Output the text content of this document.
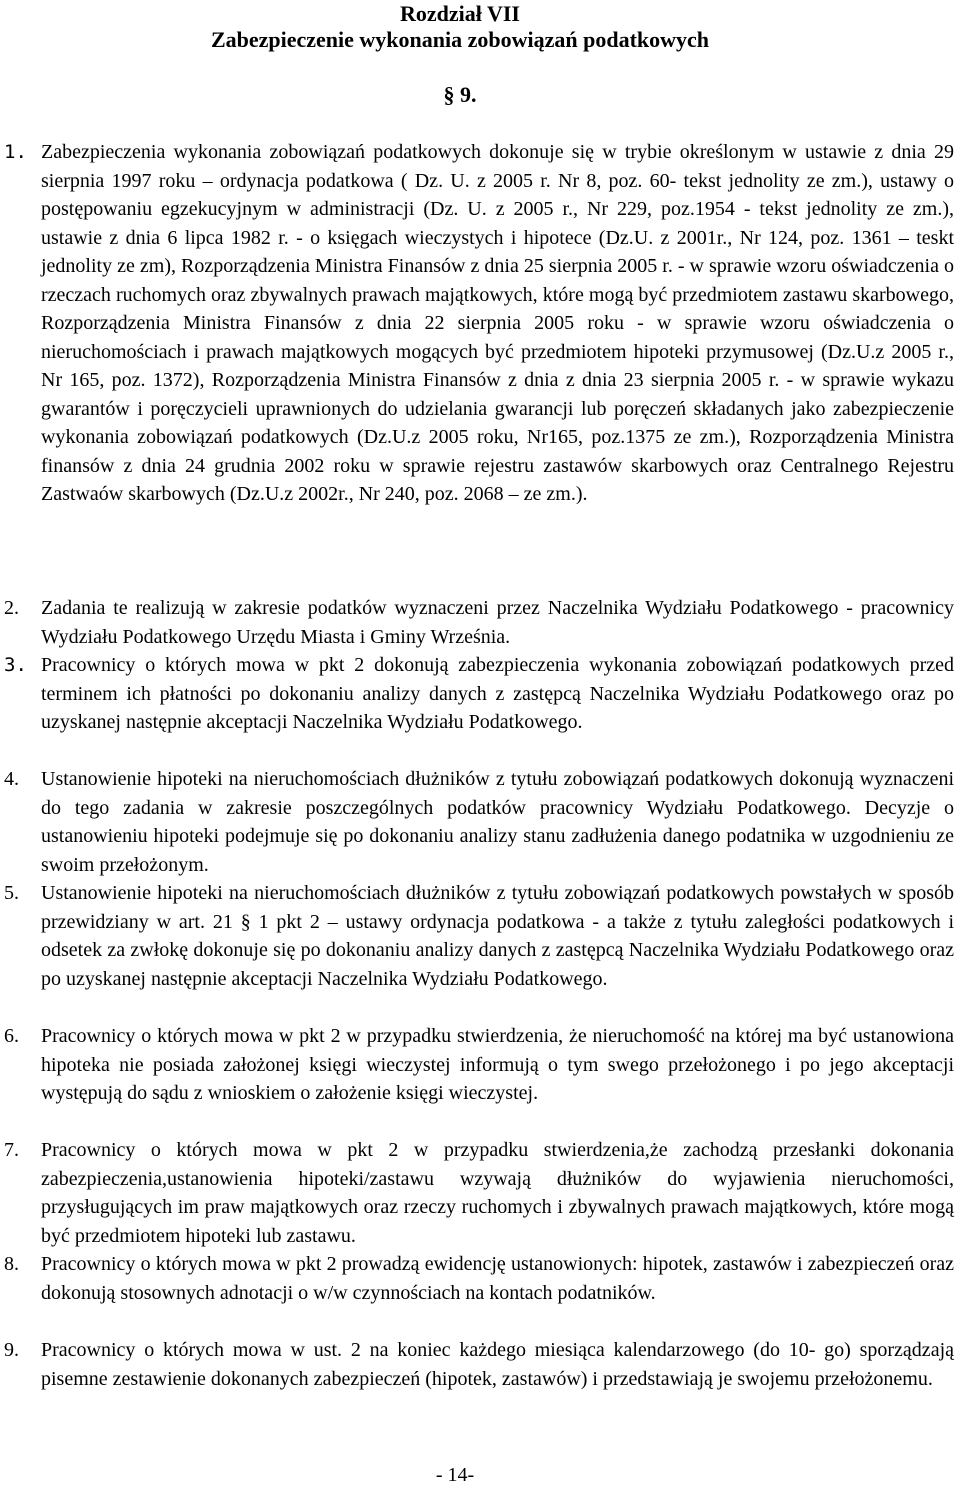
Rozdział VII
Zabezpieczenie wykonania zobowiązań podatkowych
§ 9.
1. Zabezpieczenia wykonania zobowiązań podatkowych dokonuje się w trybie określonym w ustawie z dnia 29 sierpnia 1997 roku – ordynacja podatkowa ( Dz. U. z 2005 r. Nr 8, poz. 60- tekst jednolity ze zm.), ustawy o postępowaniu egzekucyjnym w administracji (Dz. U. z 2005 r., Nr 229, poz.1954 - tekst jednolity ze zm.), ustawie z dnia 6 lipca 1982 r. - o księgach wieczystych i hipotece (Dz.U. z 2001r., Nr 124, poz. 1361 – teskt jednolity ze zm), Rozporządzenia Ministra Finansów z dnia 25 sierpnia 2005 r. - w sprawie wzoru oświadczenia o rzeczach ruchomych oraz zbywalnych prawach majątkowych, które mogą być przedmiotem zastawu skarbowego, Rozporządzenia Ministra Finansów z dnia 22 sierpnia 2005 roku - w sprawie wzoru oświadczenia o nieruchomościach i prawach majątkowych mogących być przedmiotem hipoteki przymusowej (Dz.U.z 2005 r., Nr 165, poz. 1372), Rozporządzenia Ministra Finansów z dnia z dnia 23 sierpnia 2005 r. - w sprawie wykazu gwarantów i poręczycieli uprawnionych do udzielania gwarancji lub poręczeń składanych jako zabezpieczenie wykonania zobowiązań podatkowych (Dz.U.z 2005 roku, Nr165, poz.1375 ze zm.), Rozporządzenia Ministra finansów z dnia 24 grudnia 2002 roku w sprawie rejestru zastawów skarbowych oraz Centralnego Rejestru Zastwaów skarbowych (Dz.U.z 2002r., Nr 240, poz. 2068 – ze zm.).
2.	Zadania te realizują w zakresie podatków wyznaczeni przez Naczelnika Wydziału Podatkowego - pracownicy Wydziału Podatkowego Urzędu Miasta i Gminy Września.
3. Pracownicy o których mowa w pkt 2 dokonują zabezpieczenia wykonania zobowiązań podatkowych przed terminem ich płatności po dokonaniu analizy danych z zastępcą Naczelnika Wydziału Podatkowego oraz po uzyskanej następnie akceptacji Naczelnika Wydziału Podatkowego.
4.	Ustanowienie hipoteki na nieruchomościach dłużników z tytułu zobowiązań podatkowych dokonują wyznaczeni do tego zadania w zakresie poszczególnych podatków pracownicy Wydziału Podatkowego. Decyzje o ustanowieniu hipoteki podejmuje się po dokonaniu analizy stanu zadłużenia danego podatnika w uzgodnieniu ze swoim przełożonym.
5.	Ustanowienie hipoteki na nieruchomościach dłużników z tytułu zobowiązań podatkowych powstałych w sposób przewidziany w art. 21 § 1 pkt 2 – ustawy ordynacja podatkowa - a także z tytułu zaległości podatkowych i odsetek za zwłokę dokonuje się po dokonaniu analizy danych z zastępcą Naczelnika Wydziału Podatkowego oraz po uzyskanej następnie akceptacji Naczelnika Wydziału Podatkowego.
6.	Pracownicy o których mowa w pkt 2 w przypadku stwierdzenia, że nieruchomość na której ma być ustanowiona hipoteka nie posiada założonej księgi wieczystej informują o tym swego przełożonego i po jego akceptacji występują do sądu z wnioskiem o założenie księgi wieczystej.
7.	Pracownicy o których mowa w pkt 2 w przypadku stwierdzenia,że zachodzą przesłanki dokonania zabezpieczenia,ustanowienia hipoteki/zastawu wzywają dłużników do wyjawienia nieruchomości, przysługujących im praw majątkowych oraz rzeczy ruchomych i zbywalnych prawach majątkowych, które mogą być przedmiotem hipoteki lub zastawu.
8.	Pracownicy o których mowa w pkt 2 prowadzą ewidencję ustanowionych: hipotek, zastawów i zabezpieczeń oraz dokonują stosownych adnotacji o w/w czynnościach na kontach podatników.
9.	Pracownicy o których mowa w ust. 2 na koniec każdego miesiąca kalendarzowego (do 10- go) sporządzają pisemne zestawienie dokonanych zabezpieczeń (hipotek, zastawów) i przedstawiają je swojemu przełożonemu.
- 14-
